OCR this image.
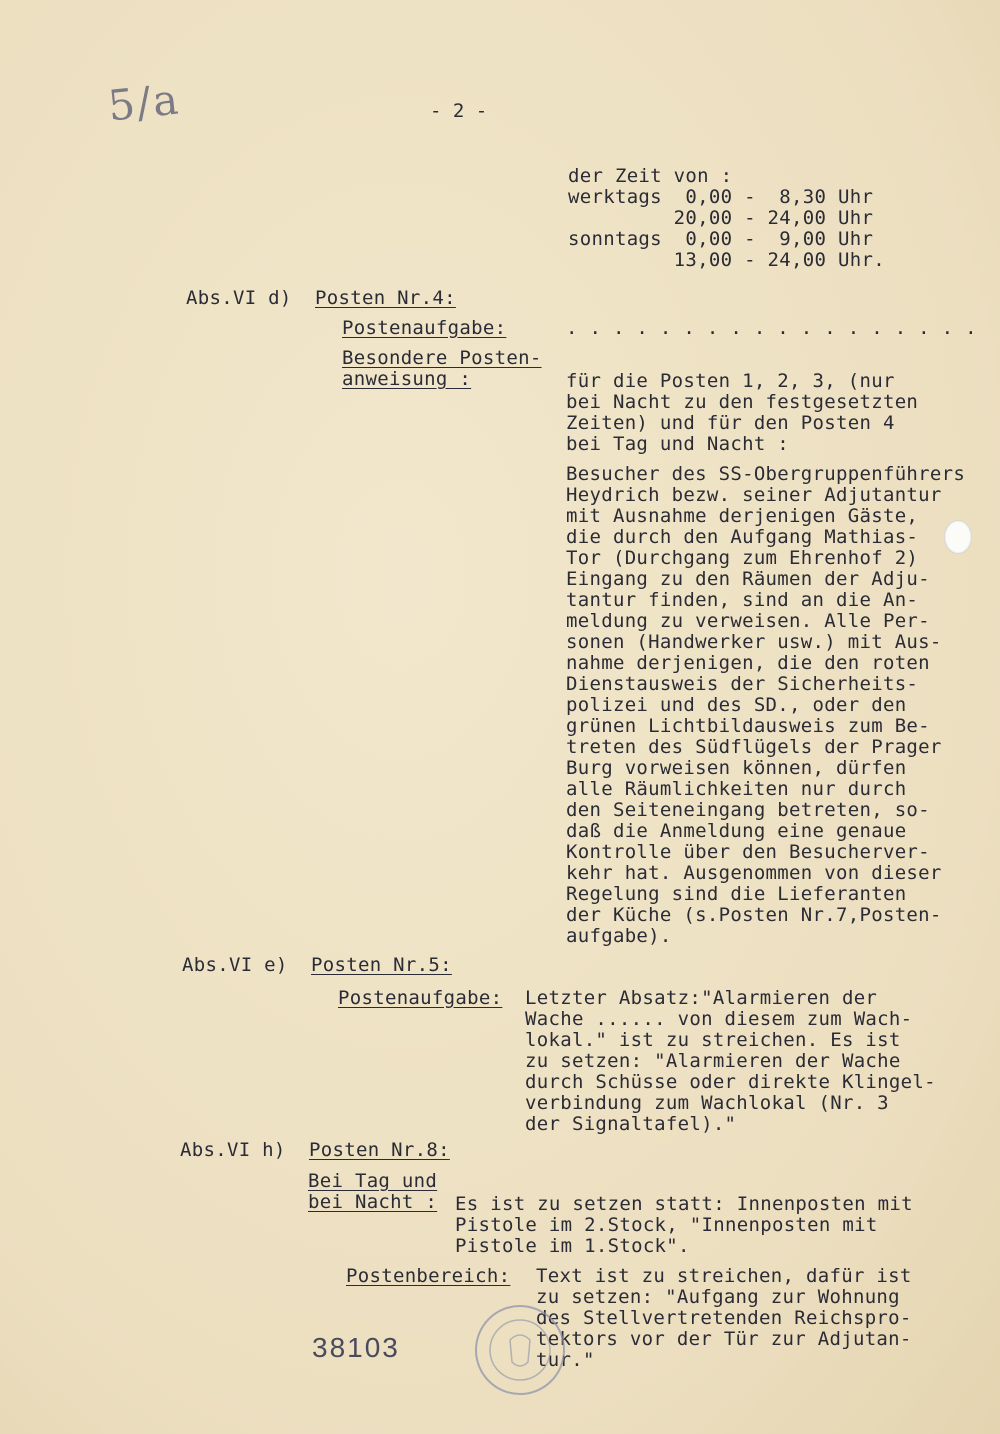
5/a	- 2 -
der Zeit von :
werktags  0,00 -  8,30 Uhr
20,00 - 24,00 Uhr
sonntags  0,00 -  9,00 Uhr
13,00 - 24,00 Uhr.
Abs.VI d) Posten Nr.4:
Postenaufgabe:	. . . . . . . . . . . . . . . . . .
Besondere Posten-
anweisung :	für die Posten 1, 2, 3, (nur
bei Nacht zu den festgesetzten
Zeiten) und für den Posten 4
bei Tag und Nacht :
Besucher des SS-Obergruppenführers
Heydrich bezw. seiner Adjutantur
mit Ausnahme derjenigen Gäste,
die durch den Aufgang Mathias-
Tor (Durchgang zum Ehrenhof 2)
Eingang zu den Räumen der Adju-
tantur finden, sind an die An-
meldung zu verweisen. Alle Per-
sonen (Handwerker usw.) mit Aus-
nahme derjenigen, die den roten
Dienstausweis der Sicherheits-
polizei und des SD., oder den
grünen Lichtbildausweis zum Be-
treten des Südflügels der Prager
Burg vorweisen können, dürfen
alle Räumlichkeiten nur durch
den Seiteneingang betreten, so-
daß die Anmeldung eine genaue
Kontrolle über den Besucherver-
kehr hat. Ausgenommen von dieser
Regelung sind die Lieferanten
der Küche (s.Posten Nr.7,Posten-
aufgabe).
Abs.VI e) Posten Nr.5:
Postenaufgabe: Letzter Absatz:"Alarmieren der
Wache ...... von diesem zum Wach-
lokal." ist zu streichen. Es ist
zu setzen: "Alarmieren der Wache
durch Schüsse oder direkte Klingel-
verbindung zum Wachlokal (Nr. 3
der Signaltafel)."
Abs.VI h) Posten Nr.8:
Bei Tag und
bei Nacht : Es ist zu setzen statt: Innenposten mit
Pistole im 2.Stock, "Innenposten mit
Pistole im 1.Stock".
Postenbereich: Text ist zu streichen, dafür ist
zu setzen: "Aufgang zur Wohnung
des Stellvertretenden Reichspro-
tektors vor der Tür zur Adjutan-
tur."
38103
